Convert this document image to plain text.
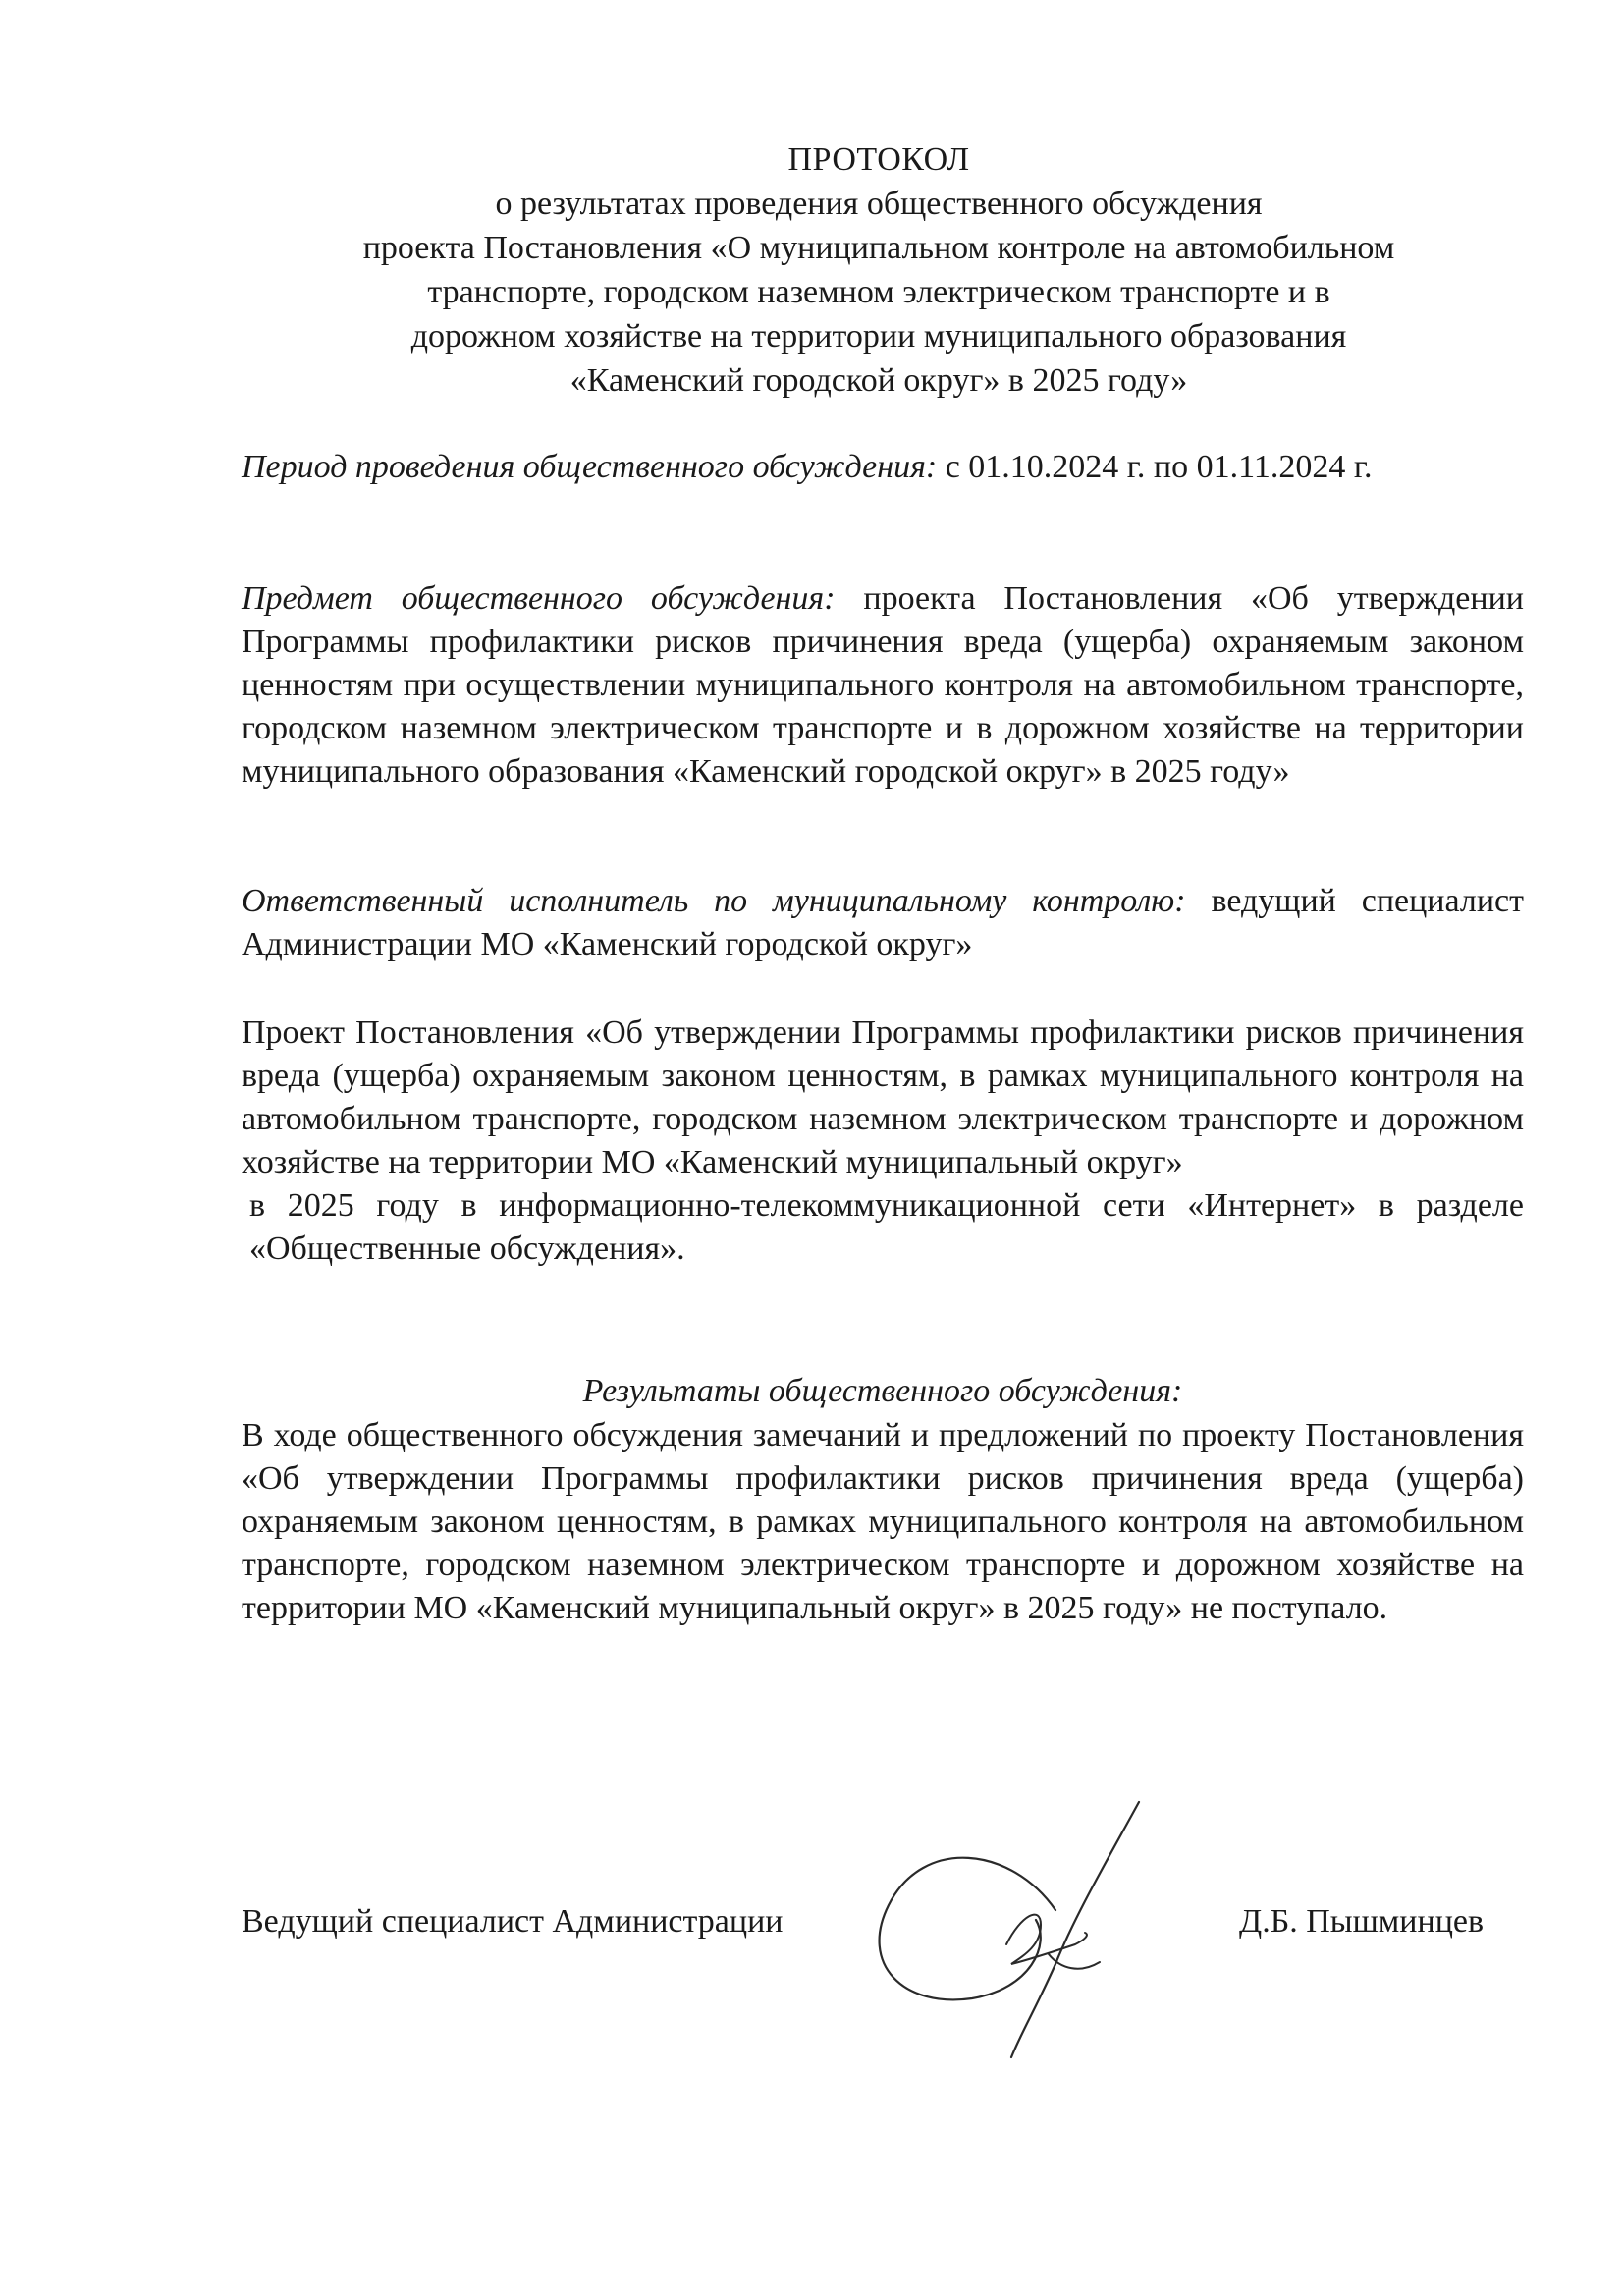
ПРОТОКОЛ
о результатах проведения общественного обсуждения
проекта Постановления «О муниципальном контроле на автомобильном
транспорте, городском наземном электрическом транспорте и в
дорожном хозяйстве на территории муниципального образования
«Каменский городской округ» в 2025 году»
Период проведения общественного обсуждения: с 01.10.2024 г. по 01.11.2024 г.
Предмет общественного обсуждения: проекта Постановления «Об утверждении Программы профилактики рисков причинения вреда (ущерба) охраняемым законом ценностям при осуществлении муниципального контроля на автомобильном транспорте, городском наземном электрическом транспорте и в дорожном хозяйстве на территории муниципального образования «Каменский городской округ» в 2025 году»
Ответственный исполнитель по муниципальному контролю: ведущий специалист Администрации МО «Каменский городской округ»
Проект Постановления «Об утверждении Программы профилактики рисков причинения вреда (ущерба) охраняемым законом ценностям, в рамках муниципального контроля на автомобильном транспорте, городском наземном электрическом транспорте и дорожном хозяйстве на территории МО «Каменский муниципальный округ»
в 2025 году в информационно-телекоммуникационной сети «Интернет» в разделе «Общественные обсуждения».
Результаты общественного обсуждения:
В ходе общественного обсуждения замечаний и предложений по проекту Постановления «Об утверждении Программы профилактики рисков причинения вреда (ущерба) охраняемым законом ценностям, в рамках муниципального контроля на автомобильном транспорте, городском наземном электрическом транспорте и дорожном хозяйстве на территории МО «Каменский муниципальный округ» в 2025 году» не поступало.
Ведущий специалист Администрации	Д.Б. Пышминцев
